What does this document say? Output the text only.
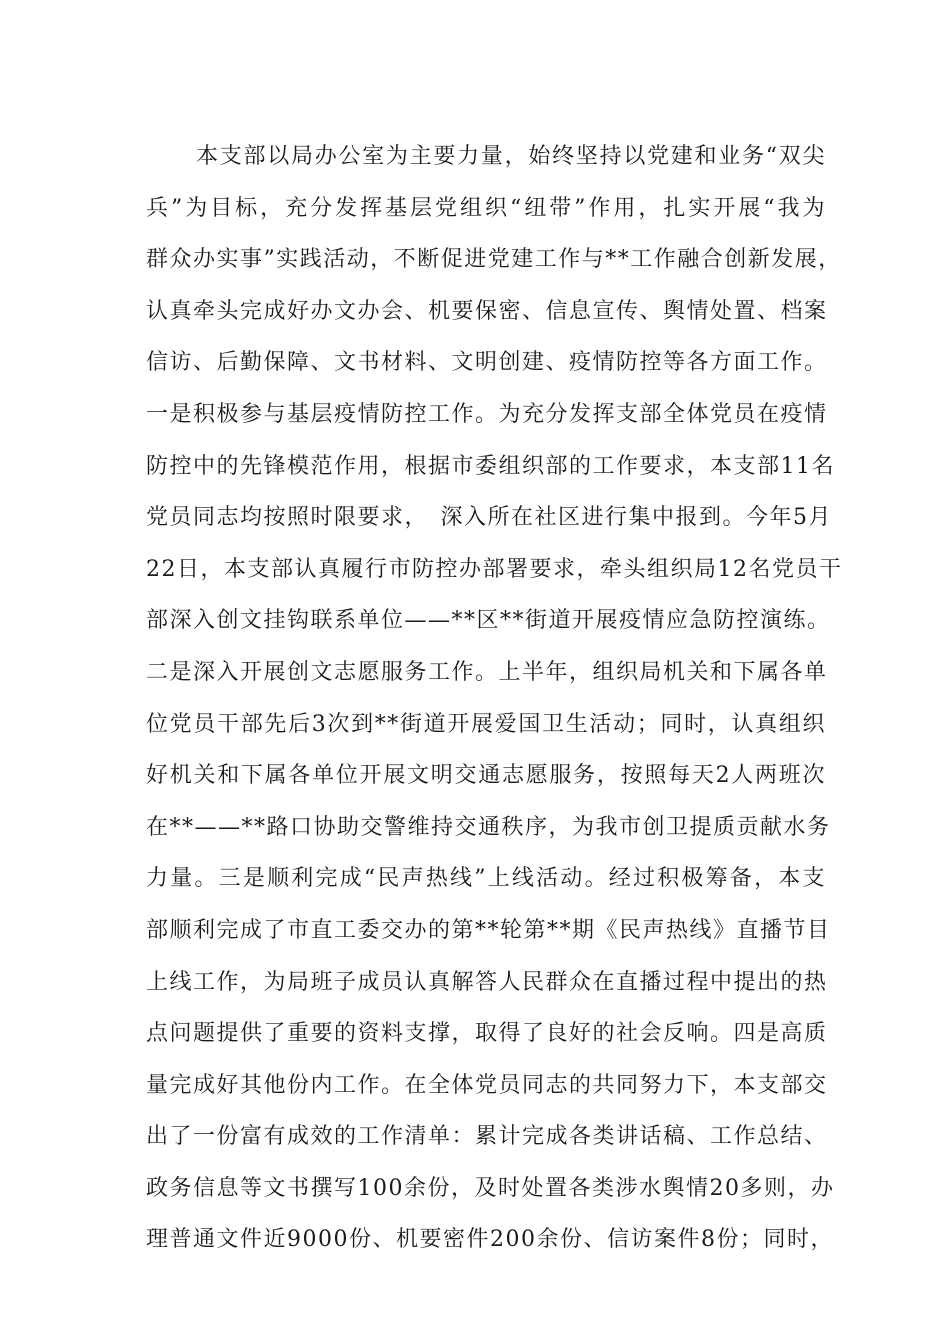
本支部以局办公室为主要力量，始终坚持以党建和业务“双尖
兵”为目标，充分发挥基层党组织“纽带”作用，扎实开展“我为
群众办实事”实践活动，不断促进党建工作与**工作融合创新发展，
认真牵头完成好办文办会、机要保密、信息宣传、舆情处置、档案
信访、后勤保障、文书材料、文明创建、疫情防控等各方面工作。
一是积极参与基层疫情防控工作。为充分发挥支部全体党员在疫情
防控中的先锋模范作用，根据市委组织部的工作要求，本支部11名
党员同志均按照时限要求，　深入所在社区进行集中报到。今年5月
22日，本支部认真履行市防控办部署要求，牵头组织局12名党员干
部深入创文挂钩联系单位——**区**街道开展疫情应急防控演练。
二是深入开展创文志愿服务工作。上半年，组织局机关和下属各单
位党员干部先后3次到**街道开展爱国卫生活动；同时，认真组织
好机关和下属各单位开展文明交通志愿服务，按照每天2人两班次
在**——**路口协助交警维持交通秩序，为我市创卫提质贡献水务
力量。三是顺利完成“民声热线”上线活动。经过积极筹备，本支
部顺利完成了市直工委交办的第**轮第**期《民声热线》直播节目
上线工作，为局班子成员认真解答人民群众在直播过程中提出的热
点问题提供了重要的资料支撑，取得了良好的社会反响。四是高质
量完成好其他份内工作。在全体党员同志的共同努力下，本支部交
出了一份富有成效的工作清单：累计完成各类讲话稿、工作总结、
政务信息等文书撰写100余份，及时处置各类涉水舆情20多则，办
理普通文件近9000份、机要密件200余份、信访案件8份；同时，
